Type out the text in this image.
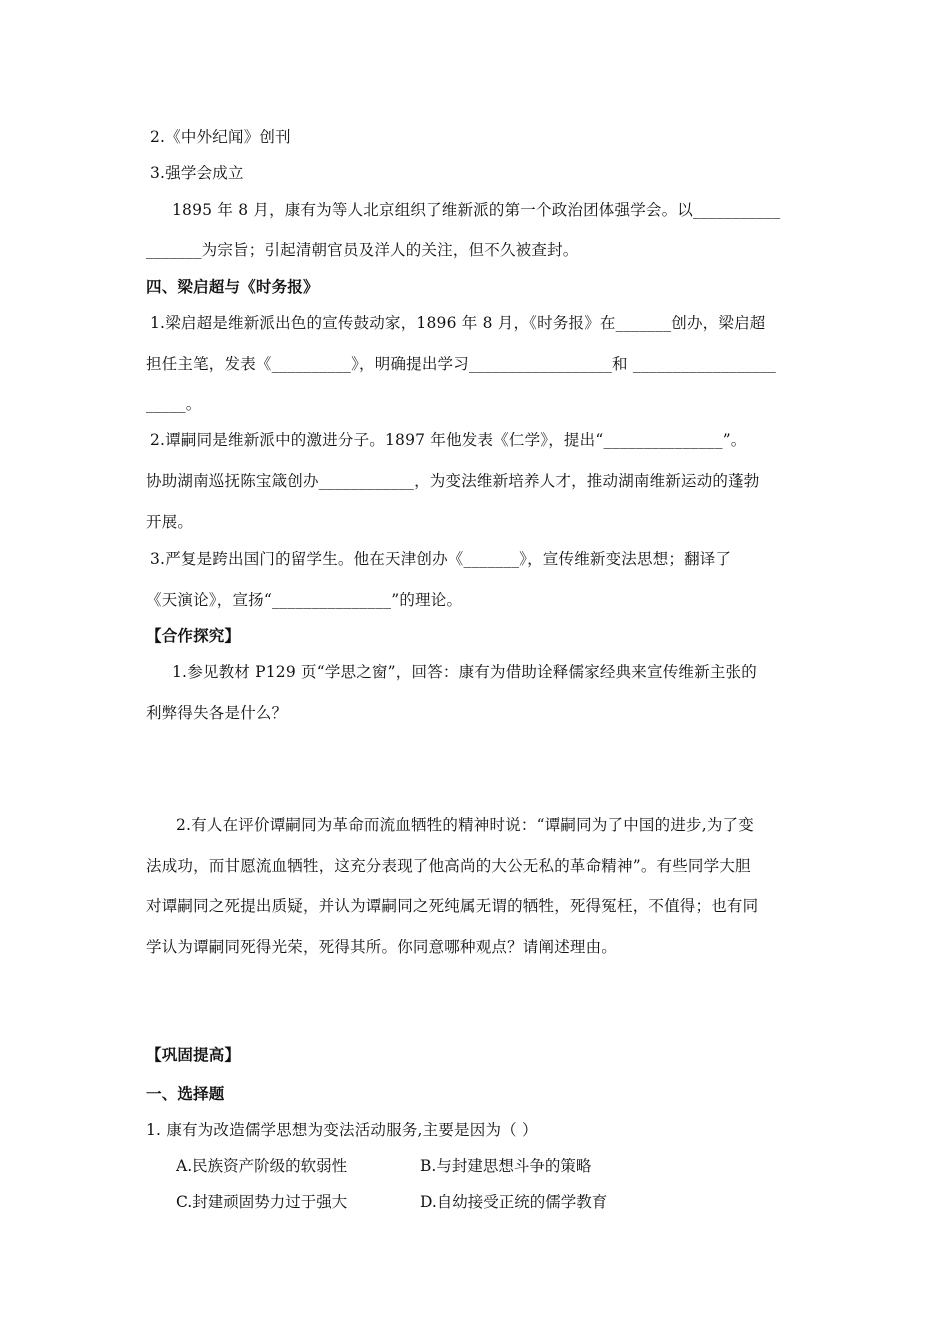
2.《中外纪闻》创刊
3.强学会成立
1895 年 8 月，康有为等人北京组织了维新派的第一个政治团体强学会。以___________
_______为宗旨；引起清朝官员及洋人的关注，但不久被查封。
四、梁启超与《时务报》
1.梁启超是维新派出色的宣传鼓动家，1896 年 8 月，《时务报》在_______创办，梁启超
担任主笔，发表《__________》，明确提出学习__________________和 __________________
_____。
2.谭嗣同是维新派中的激进分子。1897 年他发表《仁学》，提出“_______________”。
协助湖南巡抚陈宝箴创办____________，为变法维新培养人才，推动湖南维新运动的蓬勃
开展。
3.严复是跨出国门的留学生。他在天津创办《_______》，宣传维新变法思想；翻译了
《天演论》，宣扬“_______________”的理论。
【合作探究】
1.参见教材 P129 页“学思之窗”，回答：康有为借助诠释儒家经典来宣传维新主张的
利弊得失各是什么？
2.有人在评价谭嗣同为革命而流血牺牲的精神时说：“谭嗣同为了中国的进步,为了变
法成功，而甘愿流血牺牲，这充分表现了他高尚的大公无私的革命精神”。有些同学大胆
对谭嗣同之死提出质疑，并认为谭嗣同之死纯属无谓的牺牲，死得冤枉，不值得；也有同
学认为谭嗣同死得光荣，死得其所。你同意哪种观点？请阐述理由。
【巩固提高】
一、选择题
1. 康有为改造儒学思想为变法活动服务,主要是因为（ ）
A.民族资产阶级的软弱性	B.与封建思想斗争的策略
C.封建顽固势力过于强大	D.自幼接受正统的儒学教育
